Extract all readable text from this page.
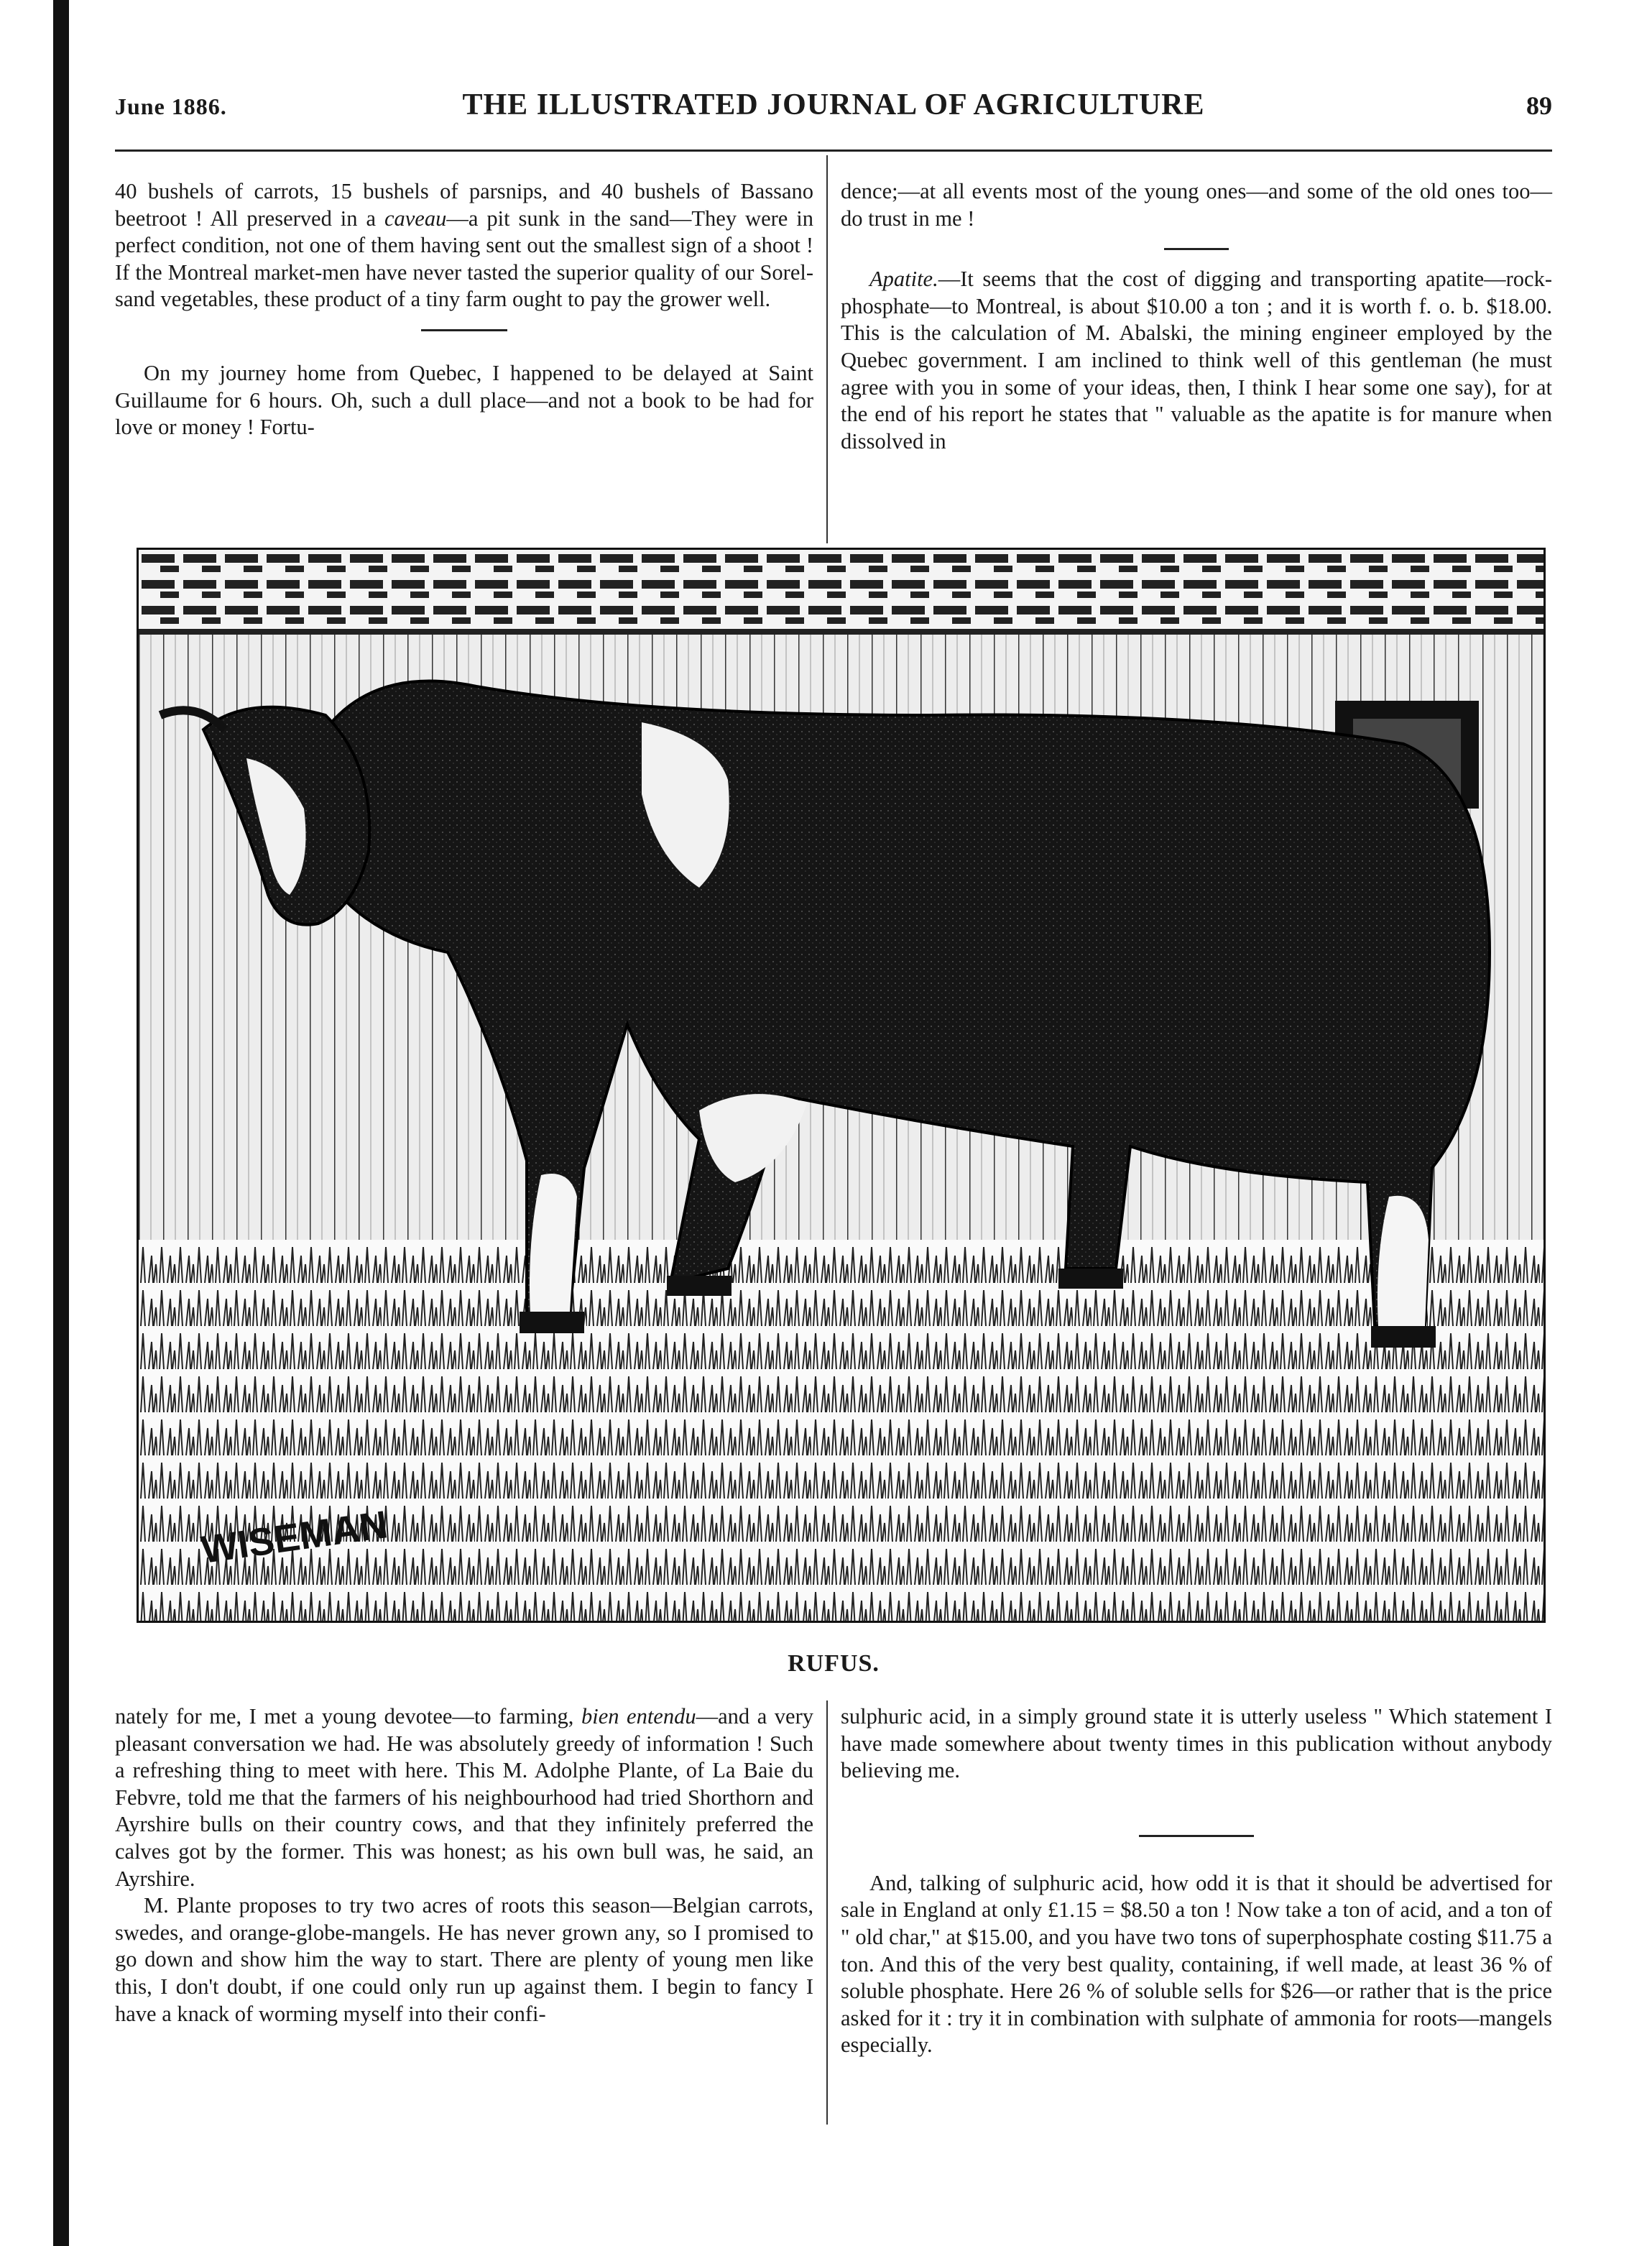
June 1886.	THE ILLUSTRATED JOURNAL OF AGRICULTURE	89

40 bushels of carrots, 15 bushels of parsnips, and 40 bushels of Bassano beetroot ! All preserved in a caveau—a pit sunk in the sand—They were in perfect condition, not one of them having sent out the smallest sign of a shoot ! If the Montreal market-men have never tasted the superior quality of our Sorel-sand vegetables, these product of a tiny farm ought to pay the grower well.

On my journey home from Quebec, I happened to be delayed at Saint Guillaume for 6 hours. Oh, such a dull place—and not a book to be had for love or money ! Fortu-

dence;—at all events most of the young ones—and some of the old ones too—do trust in me !

Apatite.—It seems that the cost of digging and transporting apatite—rock-phosphate—to Montreal, is about $10.00 a ton ; and it is worth f. o. b. $18.00. This is the calculation of M. Abalski, the mining engineer employed by the Quebec government. I am inclined to think well of this gentleman (he must agree with you in some of your ideas, then, I think I hear some one say), for at the end of his report he states that " valuable as the apatite is for manure when dissolved in

WISEMAN
RUFUS.

nately for me, I met a young devotee—to farming, bien entendu—and a very pleasant conversation we had. He was absolutely greedy of information ! Such a refreshing thing to meet with here. This M. Adolphe Plante, of La Baie du Febvre, told me that the farmers of his neighbourhood had tried Shorthorn and Ayrshire bulls on their country cows, and that they infinitely preferred the calves got by the former. This was honest; as his own bull was, he said, an Ayrshire.

M. Plante proposes to try two acres of roots this season—Belgian carrots, swedes, and orange-globe-mangels. He has never grown any, so I promised to go down and show him the way to start. There are plenty of young men like this, I don't doubt, if one could only run up against them. I begin to fancy I have a knack of worming myself into their confi-

sulphuric acid, in a simply ground state it is utterly useless " Which statement I have made somewhere about twenty times in this publication without anybody believing me.

And, talking of sulphuric acid, how odd it is that it should be advertised for sale in England at only £1.15 = $8.50 a ton ! Now take a ton of acid, and a ton of " old char," at $15.00, and you have two tons of superphosphate costing $11.75 a ton. And this of the very best quality, containing, if well made, at least 36 % of soluble phosphate. Here 26 % of soluble sells for $26—or rather that is the price asked for it : try it in combination with sulphate of ammonia for roots—mangels especially.
